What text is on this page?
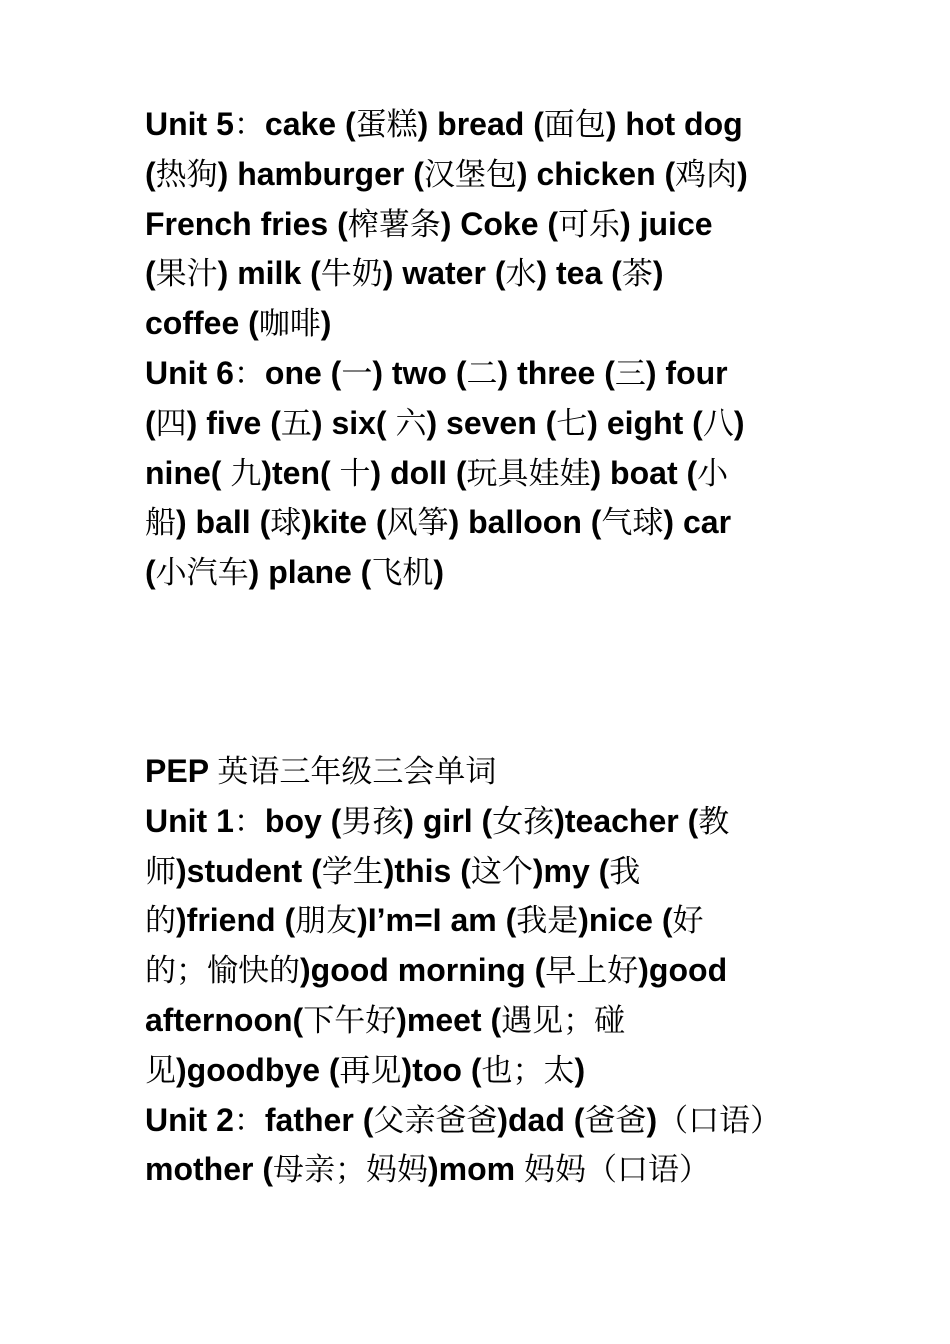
Unit 5：cake (蛋糕) bread (面包) hot dog
(热狗) hamburger (汉堡包) chicken (鸡肉)
French fries (榨薯条) Coke (可乐) juice
(果汁) milk (牛奶) water (水) tea (茶)
coffee (咖啡)
Unit 6：one (一) two (二) three (三) four
(四) five (五) six( 六) seven (七) eight (八)
nine( 九)ten( 十) doll (玩具娃娃) boat (小
船) ball (球)kite (风筝) balloon (气球) car
(小汽车) plane (飞机)
PEP 英语三年级三会单词
Unit 1：boy (男孩) girl (女孩)teacher (教
师)student (学生)this (这个)my (我
的)friend (朋友)I’m=I am (我是)nice (好
的；愉快的)good morning (早上好)good
afternoon(下午好)meet (遇见；碰
见)goodbye (再见)too (也；太)
Unit 2：father (父亲爸爸)dad (爸爸)（口语）
mother (母亲；妈妈)mom 妈妈（口语）
